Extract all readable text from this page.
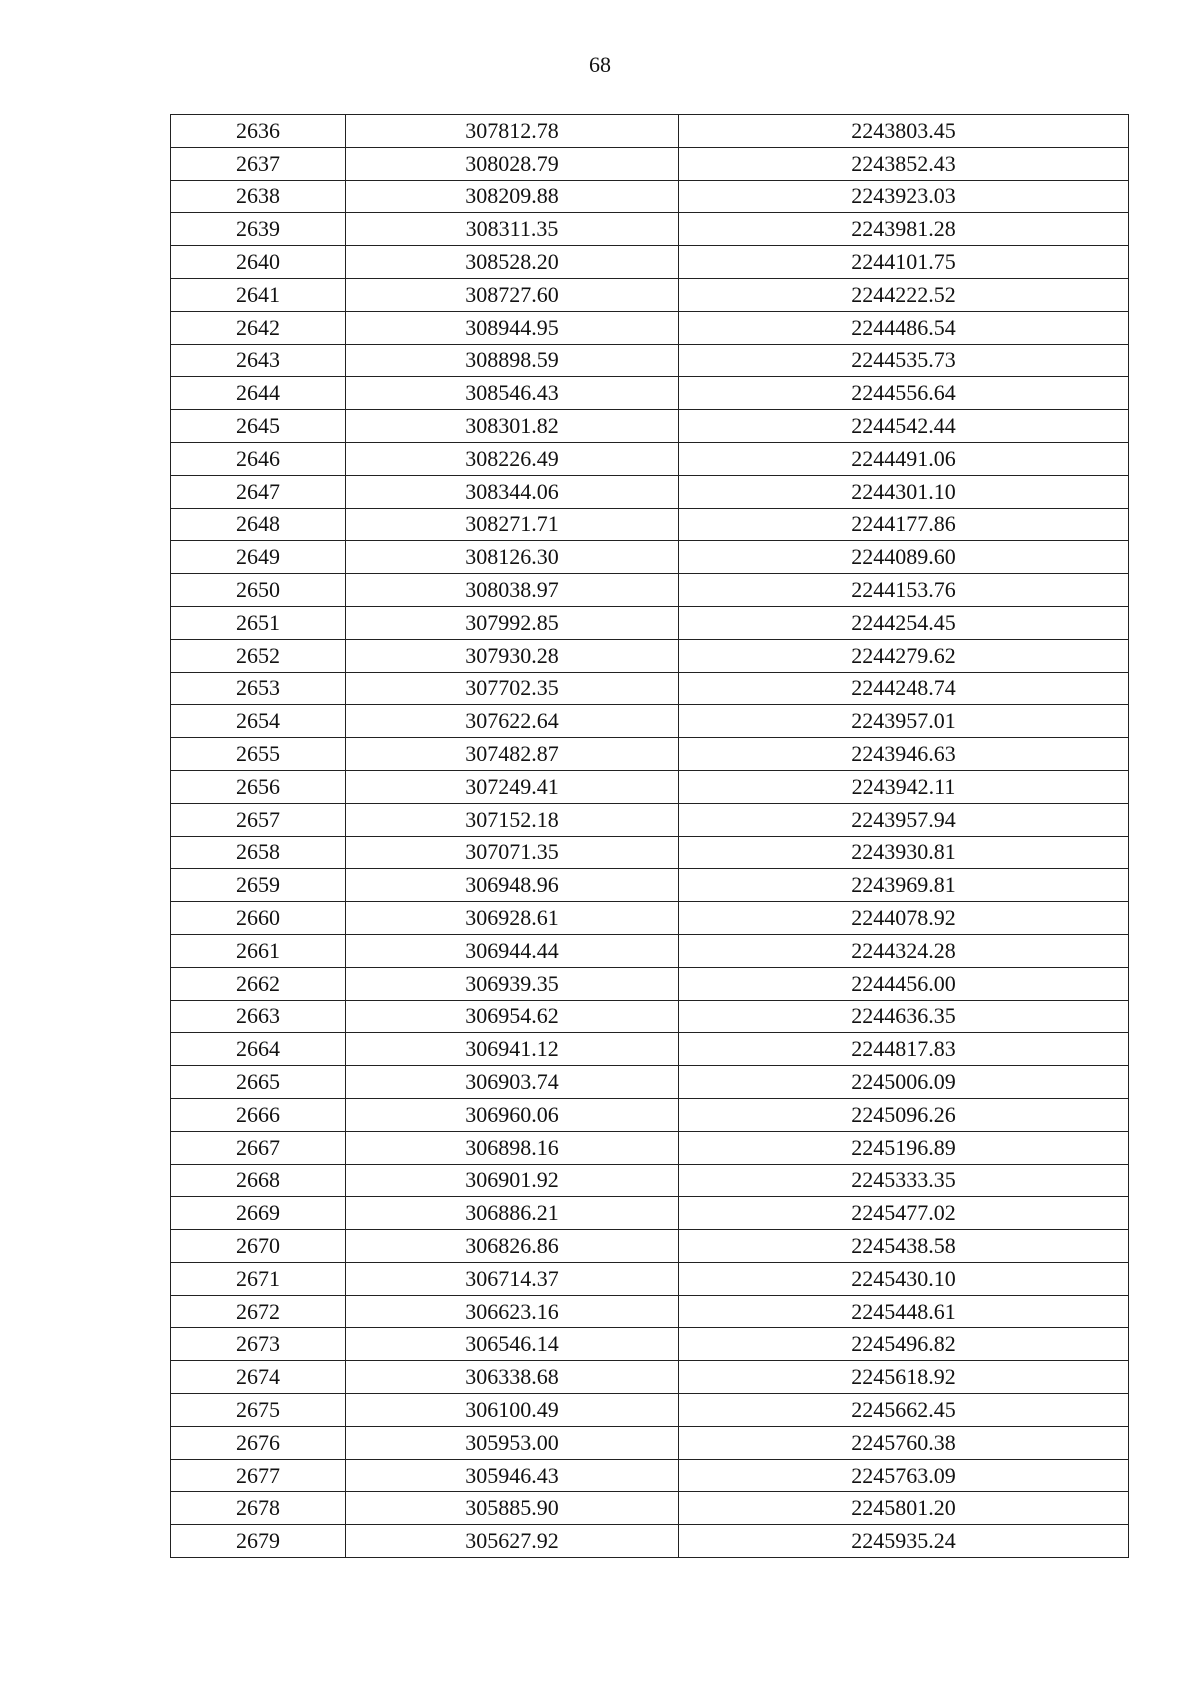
68
2636	307812.78	2243803.45
2637	308028.79	2243852.43
2638	308209.88	2243923.03
2639	308311.35	2243981.28
2640	308528.20	2244101.75
2641	308727.60	2244222.52
2642	308944.95	2244486.54
2643	308898.59	2244535.73
2644	308546.43	2244556.64
2645	308301.82	2244542.44
2646	308226.49	2244491.06
2647	308344.06	2244301.10
2648	308271.71	2244177.86
2649	308126.30	2244089.60
2650	308038.97	2244153.76
2651	307992.85	2244254.45
2652	307930.28	2244279.62
2653	307702.35	2244248.74
2654	307622.64	2243957.01
2655	307482.87	2243946.63
2656	307249.41	2243942.11
2657	307152.18	2243957.94
2658	307071.35	2243930.81
2659	306948.96	2243969.81
2660	306928.61	2244078.92
2661	306944.44	2244324.28
2662	306939.35	2244456.00
2663	306954.62	2244636.35
2664	306941.12	2244817.83
2665	306903.74	2245006.09
2666	306960.06	2245096.26
2667	306898.16	2245196.89
2668	306901.92	2245333.35
2669	306886.21	2245477.02
2670	306826.86	2245438.58
2671	306714.37	2245430.10
2672	306623.16	2245448.61
2673	306546.14	2245496.82
2674	306338.68	2245618.92
2675	306100.49	2245662.45
2676	305953.00	2245760.38
2677	305946.43	2245763.09
2678	305885.90	2245801.20
2679	305627.92	2245935.24
